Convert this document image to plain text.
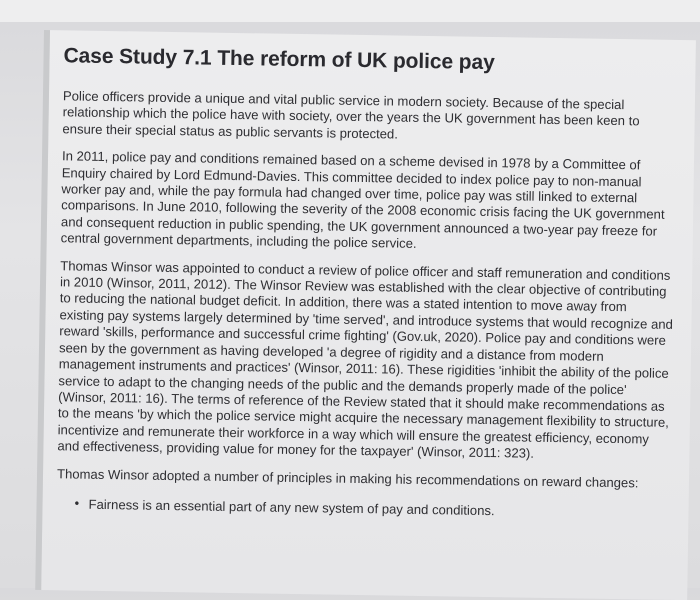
Case Study 7.1 The reform of UK police pay

Police officers provide a unique and vital public service in modern society. Because of the special relationship which the police have with society, over the years the UK government has been keen to ensure their special status as public servants is protected.

In 2011, police pay and conditions remained based on a scheme devised in 1978 by a Committee of Enquiry chaired by Lord Edmund-Davies. This committee decided to index police pay to non-manual worker pay and, while the pay formula had changed over time, police pay was still linked to external comparisons. In June 2010, following the severity of the 2008 economic crisis facing the UK government and consequent reduction in public spending, the UK government announced a two-year pay freeze for central government departments, including the police service.

Thomas Winsor was appointed to conduct a review of police officer and staff remuneration and conditions in 2010 (Winsor, 2011, 2012). The Winsor Review was established with the clear objective of contributing to reducing the national budget deficit. In addition, there was a stated intention to move away from existing pay systems largely determined by 'time served', and introduce systems that would recognize and reward 'skills, performance and successful crime fighting' (Gov.uk, 2020). Police pay and conditions were seen by the government as having developed 'a degree of rigidity and a distance from modern management instruments and practices' (Winsor, 2011: 16). These rigidities 'inhibit the ability of the police service to adapt to the changing needs of the public and the demands properly made of the police' (Winsor, 2011: 16). The terms of reference of the Review stated that it should make recommendations as to the means 'by which the police service might acquire the necessary management flexibility to structure, incentivize and remunerate their workforce in a way which will ensure the greatest efficiency, economy and effectiveness, providing value for money for the taxpayer' (Winsor, 2011: 323).

Thomas Winsor adopted a number of principles in making his recommendations on reward changes:

• Fairness is an essential part of any new system of pay and conditions.
